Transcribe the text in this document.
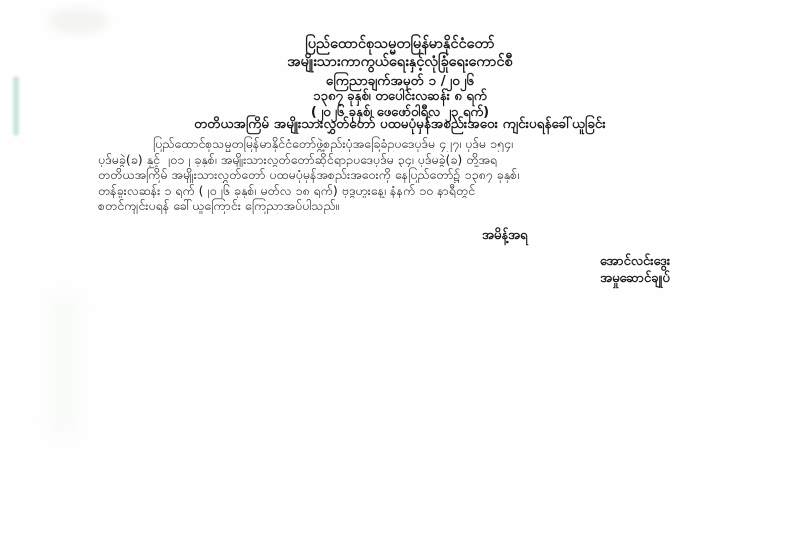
ပြည်ထောင်စုသမ္မတမြန်မာနိုင်ငံတော်
အမျိုးသားကာကွယ်ရေးနှင့်လုံခြုံရေးကောင်စီ
ကြေညာချက်အမှတ် ၁ /၂၀၂၆
၁၃၈၇ ခုနှစ်၊ တပေါင်းလဆန်း ၈ ရက်
(၂၀၂၆ ခုနှစ်၊ ဖေဖော်ဝါရီလ ၂၃ ရက်)
တတိယအကြိမ် အမျိုးသားလွှတ်တော် ပထမပုံမှန်အစည်းအဝေး ကျင်းပရန်ခေါ်ယူခြင်း
ပြည်ထောင်စုသမ္မတမြန်မာနိုင်ငံတော်ဖွဲ့စည်းပုံအခြေခံဥပဒေပုဒ်မ ၄၂၇၊ ပုဒ်မ ၁၅၄၊
ပုဒ်မခွဲ(ခ) နှင့် ၂၀၁၂ ခုနှစ်၊ အမျိုးသားလွှတ်တော်ဆိုင်ရာဥပဒေပုဒ်မ ၃၄၊ ပုဒ်မခွဲ(ခ) တို့အရ
တတိယအကြိမ် အမျိုးသားလွှတ်တော် ပထမပုံမှန်အစည်းအဝေးကို နေပြည်တော်၌ ၁၃၈၇ ခုနှစ်၊
တန်ခူးလဆန်း ၁ ရက် (၂၀၂၆ ခုနှစ်၊ မတ်လ ၁၈ ရက်) ဗုဒ္ဓဟူးနေ့၊ နံနက် ၁၀ နာရီတွင်
စတင်ကျင်းပရန် ခေါ်ယူကြောင်း ကြေညာအပ်ပါသည်။
အမိန့်အရ
အောင်လင်းဒွေး
အမှုဆောင်ချုပ်
